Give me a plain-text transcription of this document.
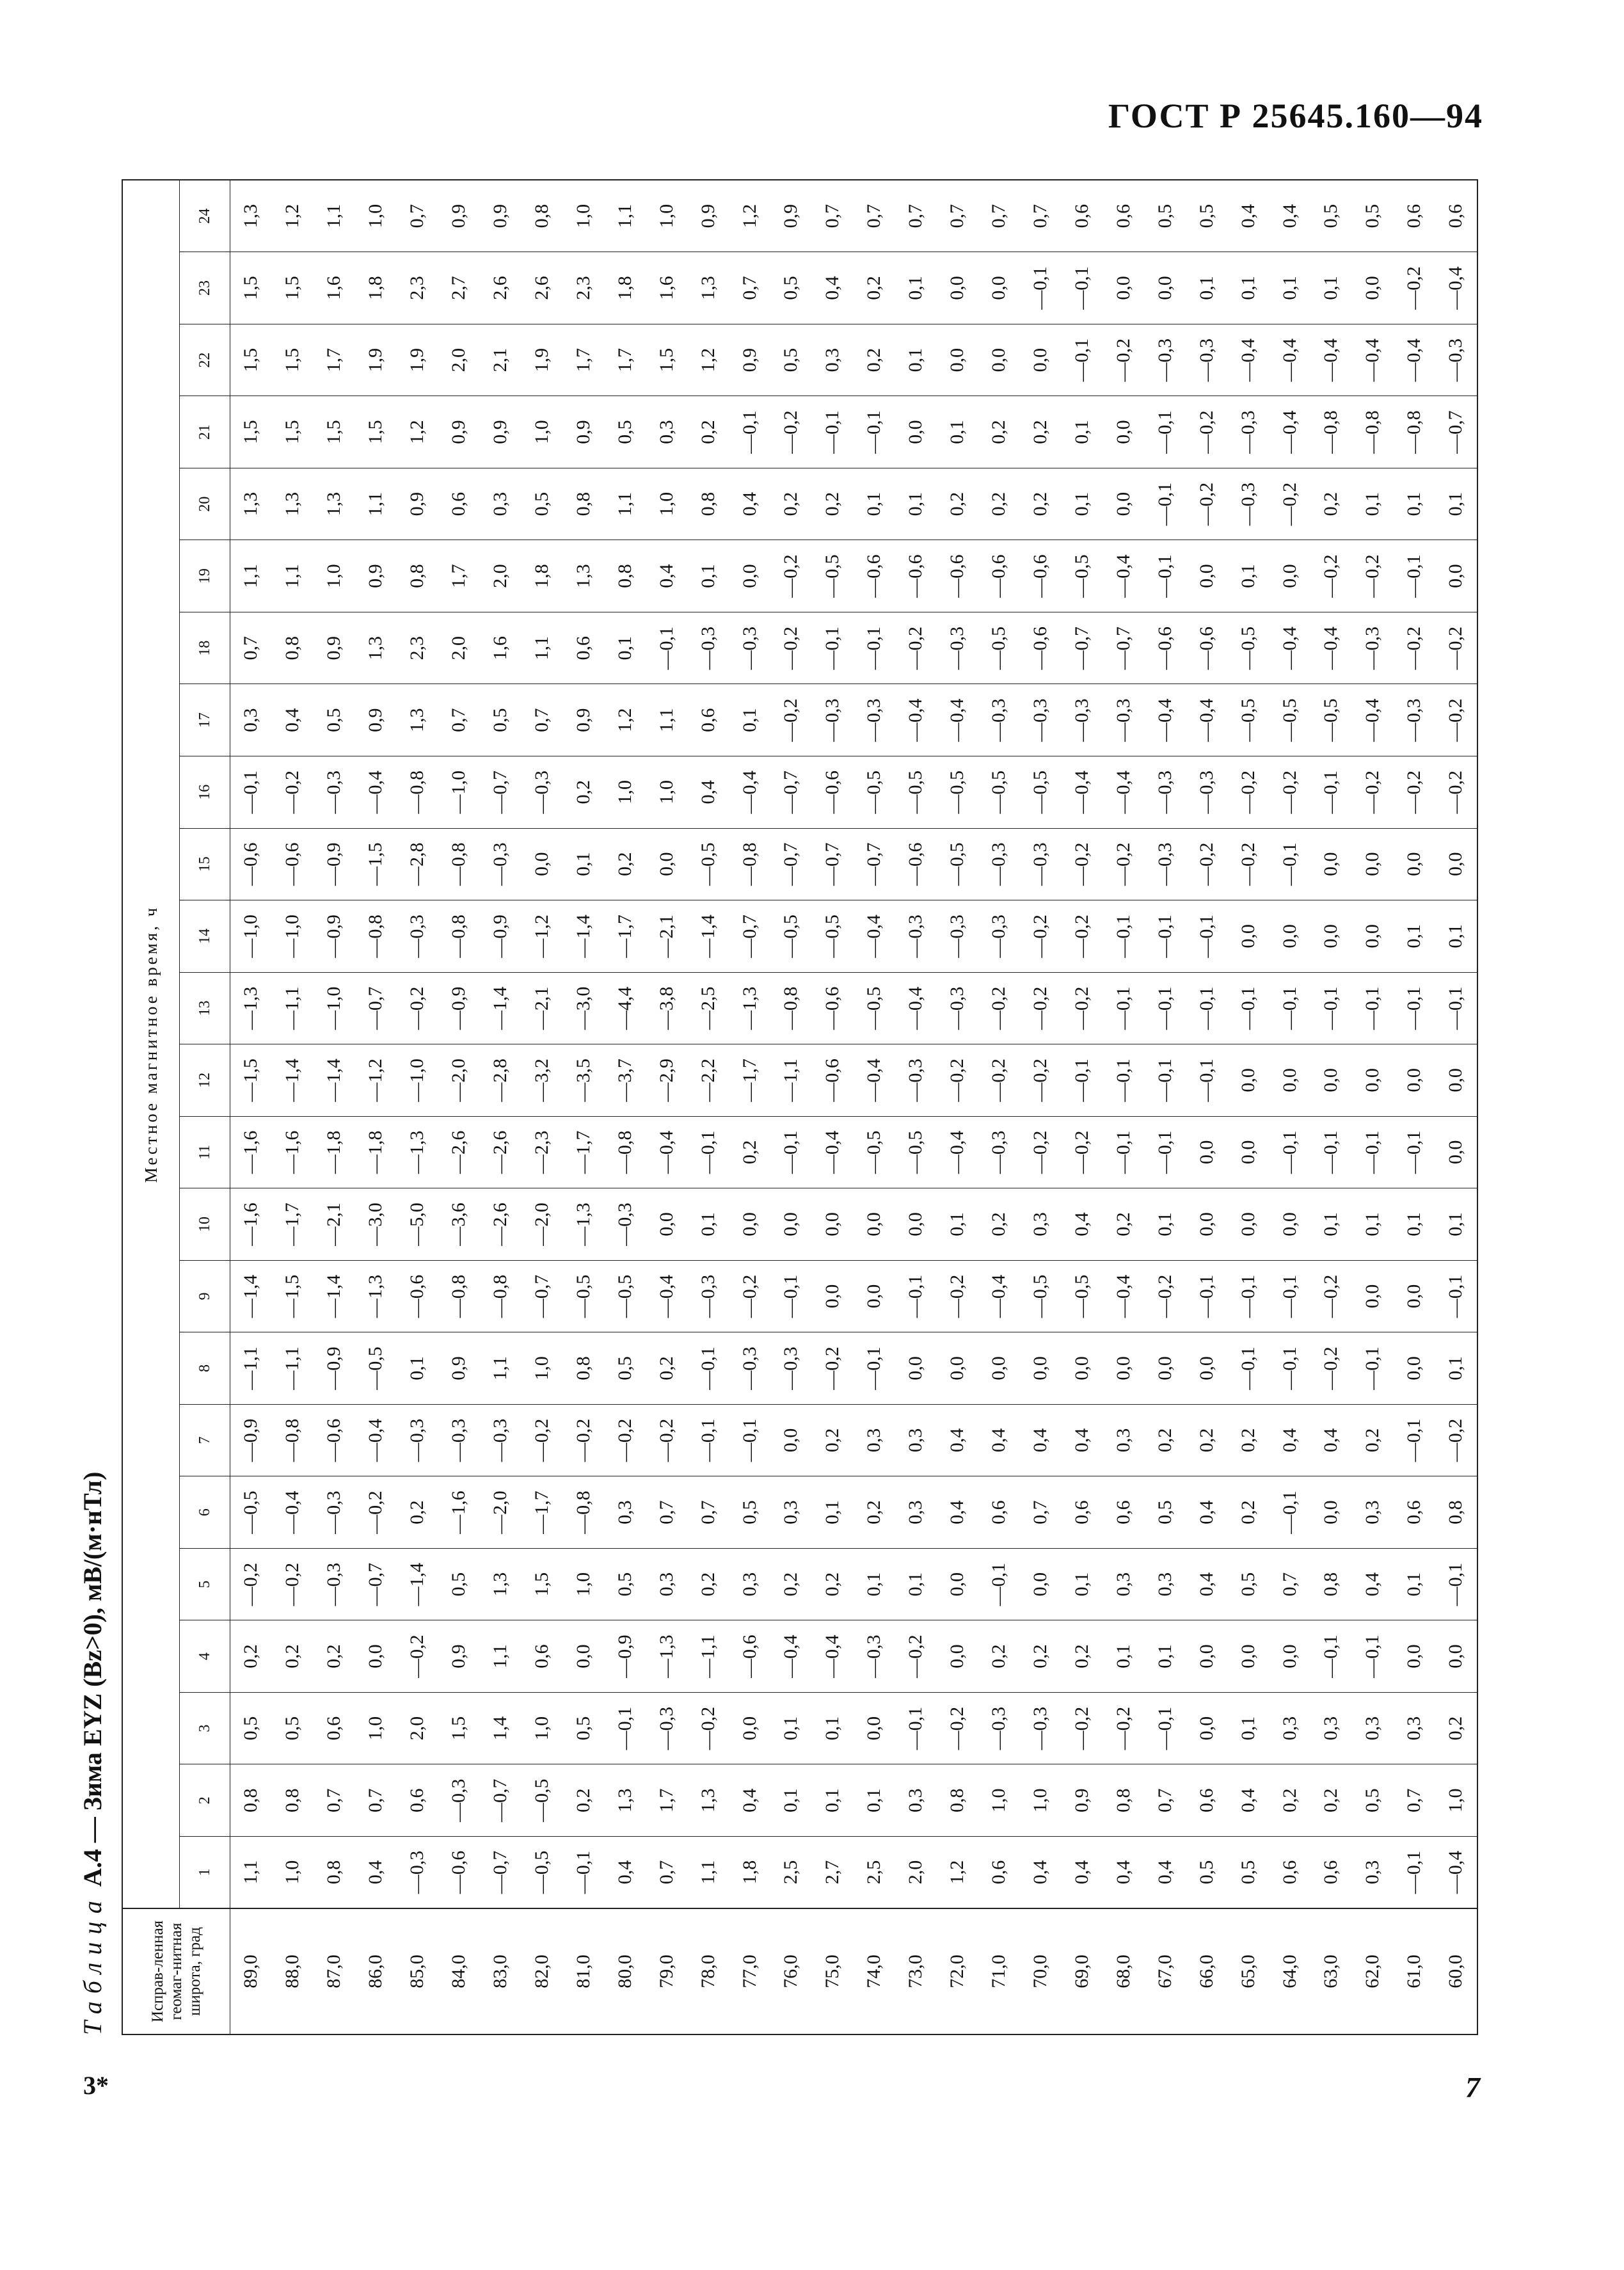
ГОСТ Р 25645.160—94
Таблица А.4 — Зима EYZ (Bz>0), мВ/(м·нТл)
Исправ-ленная геомаг-нитная широта, град	Местное магнитное время, ч																							
	1	2	3	4	5	6	7	8	9	10	11	12	13	14	15	16	17	18	19	20	21	22	23	24
89,0	1,1	0,8	0,5	0,2	—0,2	—0,5	—0,9	—1,1	—1,4	—1,6	—1,6	—1,5	—1,3	—1,0	—0,6	—0,1	0,3	0,7	1,1	1,3	1,5	1,5	1,5	1,3
88,0	1,0	0,8	0,5	0,2	—0,2	—0,4	—0,8	—1,1	—1,5	—1,7	—1,6	—1,4	—1,1	—1,0	—0,6	—0,2	0,4	0,8	1,1	1,3	1,5	1,5	1,5	1,2
87,0	0,8	0,7	0,6	0,2	—0,3	—0,3	—0,6	—0,9	—1,4	—2,1	—1,8	—1,4	—1,0	—0,9	—0,9	—0,3	0,5	0,9	1,0	1,3	1,5	1,7	1,6	1,1
86,0	0,4	0,7	1,0	0,0	—0,7	—0,2	—0,4	—0,5	—1,3	—3,0	—1,8	—1,2	—0,7	—0,8	—1,5	—0,4	0,9	1,3	0,9	1,1	1,5	1,9	1,8	1,0
85,0	—0,3	0,6	2,0	—0,2	—1,4	0,2	—0,3	0,1	—0,6	—5,0	—1,3	—1,0	—0,2	—0,3	—2,8	—0,8	1,3	2,3	0,8	0,9	1,2	1,9	2,3	0,7
84,0	—0,6	—0,3	1,5	0,9	0,5	—1,6	—0,3	0,9	—0,8	—3,6	—2,6	—2,0	—0,9	—0,8	—0,8	—1,0	0,7	2,0	1,7	0,6	0,9	2,0	2,7	0,9
83,0	—0,7	—0,7	1,4	1,1	1,3	—2,0	—0,3	1,1	—0,8	—2,6	—2,6	—2,8	—1,4	—0,9	—0,3	—0,7	0,5	1,6	2,0	0,3	0,9	2,1	2,6	0,9
82,0	—0,5	—0,5	1,0	0,6	1,5	—1,7	—0,2	1,0	—0,7	—2,0	—2,3	—3,2	—2,1	—1,2	0,0	—0,3	0,7	1,1	1,8	0,5	1,0	1,9	2,6	0,8
81,0	—0,1	0,2	0,5	0,0	1,0	—0,8	—0,2	0,8	—0,5	—1,3	—1,7	—3,5	—3,0	—1,4	0,1	0,2	0,9	0,6	1,3	0,8	0,9	1,7	2,3	1,0
80,0	0,4	1,3	—0,1	—0,9	0,5	0,3	—0,2	0,5	—0,5	—0,3	—0,8	—3,7	—4,4	—1,7	0,2	1,0	1,2	0,1	0,8	1,1	0,5	1,7	1,8	1,1
79,0	0,7	1,7	—0,3	—1,3	0,3	0,7	—0,2	0,2	—0,4	0,0	—0,4	—2,9	—3,8	—2,1	0,0	1,0	1,1	—0,1	0,4	1,0	0,3	1,5	1,6	1,0
78,0	1,1	1,3	—0,2	—1,1	0,2	0,7	—0,1	—0,1	—0,3	0,1	—0,1	—2,2	—2,5	—1,4	—0,5	0,4	0,6	—0,3	0,1	0,8	0,2	1,2	1,3	0,9
77,0	1,8	0,4	0,0	—0,6	0,3	0,5	—0,1	—0,3	—0,2	0,0	0,2	—1,7	—1,3	—0,7	—0,8	—0,4	0,1	—0,3	0,0	0,4	—0,1	0,9	0,7	1,2
76,0	2,5	0,1	0,1	—0,4	0,2	0,3	0,0	—0,3	—0,1	0,0	—0,1	—1,1	—0,8	—0,5	—0,7	—0,7	—0,2	—0,2	—0,2	0,2	—0,2	0,5	0,5	0,9
75,0	2,7	0,1	0,1	—0,4	0,2	0,1	0,2	—0,2	0,0	0,0	—0,4	—0,6	—0,6	—0,5	—0,7	—0,6	—0,3	—0,1	—0,5	0,2	—0,1	0,3	0,4	0,7
74,0	2,5	0,1	0,0	—0,3	0,1	0,2	0,3	—0,1	0,0	0,0	—0,5	—0,4	—0,5	—0,4	—0,7	—0,5	—0,3	—0,1	—0,6	0,1	—0,1	0,2	0,2	0,7
73,0	2,0	0,3	—0,1	—0,2	0,1	0,3	0,3	0,0	—0,1	0,0	—0,5	—0,3	—0,4	—0,3	—0,6	—0,5	—0,4	—0,2	—0,6	0,1	0,0	0,1	0,1	0,7
72,0	1,2	0,8	—0,2	0,0	0,0	0,4	0,4	0,0	—0,2	0,1	—0,4	—0,2	—0,3	—0,3	—0,5	—0,5	—0,4	—0,3	—0,6	0,2	0,1	0,0	0,0	0,7
71,0	0,6	1,0	—0,3	0,2	—0,1	0,6	0,4	0,0	—0,4	0,2	—0,3	—0,2	—0,2	—0,3	—0,3	—0,5	—0,3	—0,5	—0,6	0,2	0,2	0,0	0,0	0,7
70,0	0,4	1,0	—0,3	0,2	0,0	0,7	0,4	0,0	—0,5	0,3	—0,2	—0,2	—0,2	—0,2	—0,3	—0,5	—0,3	—0,6	—0,6	0,2	0,2	0,0	—0,1	0,7
69,0	0,4	0,9	—0,2	0,2	0,1	0,6	0,4	0,0	—0,5	0,4	—0,2	—0,1	—0,2	—0,2	—0,2	—0,4	—0,3	—0,7	—0,5	0,1	0,1	—0,1	—0,1	0,6
68,0	0,4	0,8	—0,2	0,1	0,3	0,6	0,3	0,0	—0,4	0,2	—0,1	—0,1	—0,1	—0,1	—0,2	—0,4	—0,3	—0,7	—0,4	0,0	0,0	—0,2	0,0	0,6
67,0	0,4	0,7	—0,1	0,1	0,3	0,5	0,2	0,0	—0,2	0,1	—0,1	—0,1	—0,1	—0,1	—0,3	—0,3	—0,4	—0,6	—0,1	—0,1	—0,1	—0,3	0,0	0,5
66,0	0,5	0,6	0,0	0,0	0,4	0,4	0,2	0,0	—0,1	0,0	0,0	—0,1	—0,1	—0,1	—0,2	—0,3	—0,4	—0,6	0,0	—0,2	—0,2	—0,3	0,1	0,5
65,0	0,5	0,4	0,1	0,0	0,5	0,2	0,2	—0,1	—0,1	0,0	0,0	0,0	—0,1	0,0	—0,2	—0,2	—0,5	—0,5	0,1	—0,3	—0,3	—0,4	0,1	0,4
64,0	0,6	0,2	0,3	0,0	0,7	—0,1	0,4	—0,1	—0,1	0,0	—0,1	0,0	—0,1	0,0	—0,1	—0,2	—0,5	—0,4	0,0	—0,2	—0,4	—0,4	0,1	0,4
63,0	0,6	0,2	0,3	—0,1	0,8	0,0	0,4	—0,2	—0,2	0,1	—0,1	0,0	—0,1	0,0	0,0	—0,1	—0,5	—0,4	—0,2	0,2	—0,8	—0,4	0,1	0,5
62,0	0,3	0,5	0,3	—0,1	0,4	0,3	0,2	—0,1	0,0	0,1	—0,1	0,0	—0,1	0,0	0,0	—0,2	—0,4	—0,3	—0,2	0,1	—0,8	—0,4	0,0	0,5
61,0	—0,1	0,7	0,3	0,0	0,1	0,6	—0,1	0,0	0,0	0,1	—0,1	0,0	—0,1	0,1	0,0	—0,2	—0,3	—0,2	—0,1	0,1	—0,8	—0,4	—0,2	0,6
60,0	—0,4	1,0	0,2	0,0	—0,1	0,8	—0,2	0,1	—0,1	0,1	0,0	0,0	—0,1	0,1	0,0	—0,2	—0,2	—0,2	0,0	0,1	—0,7	—0,3	—0,4	0,6
3*	7
